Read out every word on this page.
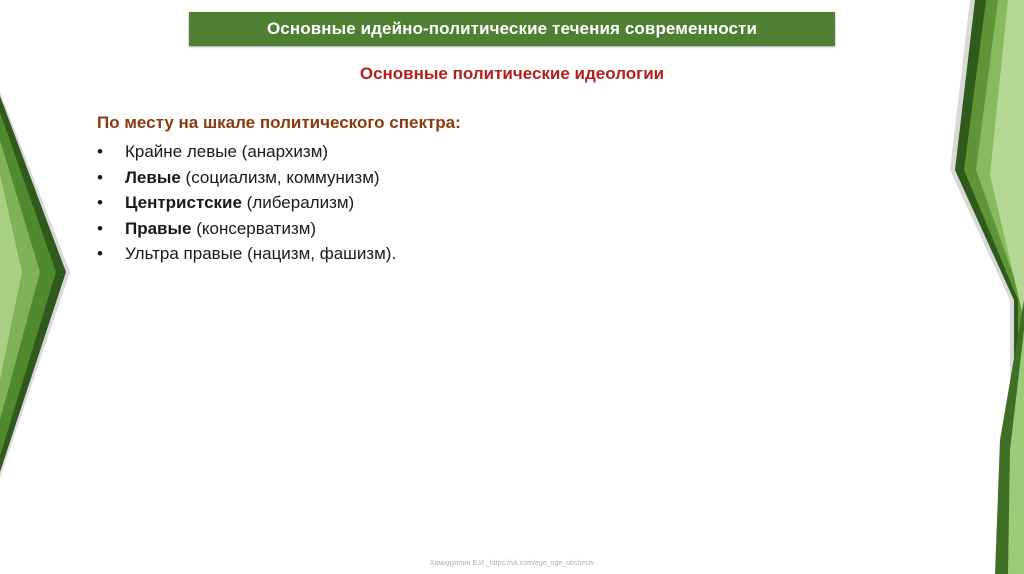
Основные идейно-политические течения современности
Основные политические идеологии
По месту на шкале политического спектра:
• Крайне левые (анархизм)
• Левые (социализм, коммунизм)
• Центристские (либерализм)
• Правые (консерватизм)
• Ультра правые (нацизм, фашизм).
Хамидуллин Б.И._https://vk.com/ege_oge_obshestv
